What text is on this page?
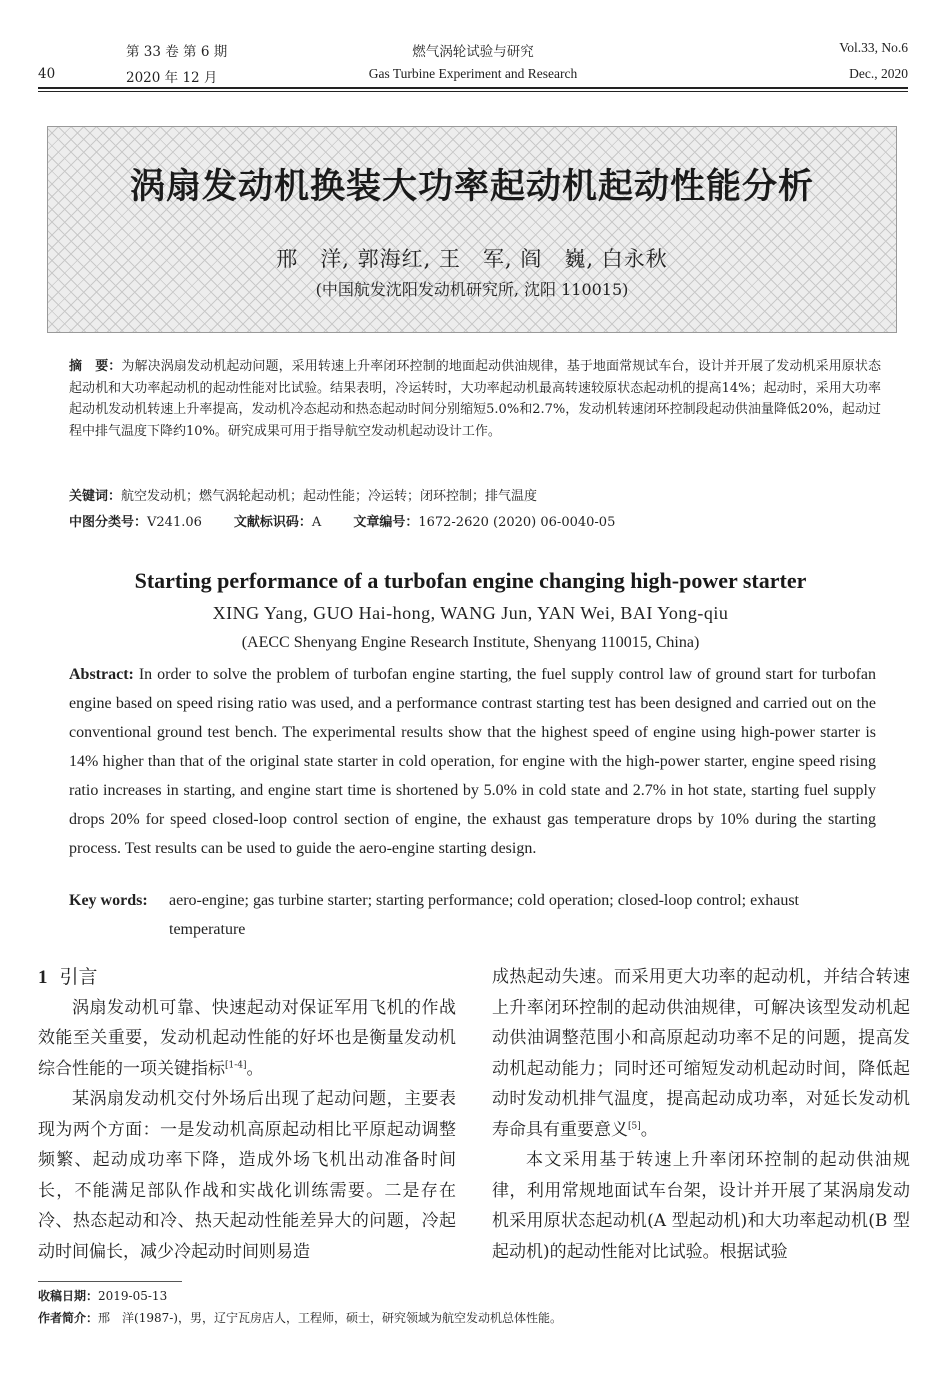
40
第 33 卷 第 6 期
2020 年 12 月
燃气涡轮试验与研究
Gas Turbine Experiment and Research
Vol.33, No.6
Dec., 2020
涡扇发动机换装大功率起动机起动性能分析
邢　洋, 郭海红, 王　军, 阎　巍, 白永秋
(中国航发沈阳发动机研究所, 沈阳 110015)
摘　要：为解决涡扇发动机起动问题，采用转速上升率闭环控制的地面起动供油规律，基于地面常规试车台，设计并开展了发动机采用原状态起动机和大功率起动机的起动性能对比试验。结果表明，冷运转时，大功率起动机最高转速较原状态起动机的提高14%；起动时，采用大功率起动机发动机转速上升率提高，发动机冷态起动和热态起动时间分别缩短5.0%和2.7%，发动机转速闭环控制段起动供油量降低20%，起动过程中排气温度下降约10%。研究成果可用于指导航空发动机起动设计工作。
关键词：航空发动机；燃气涡轮起动机；起动性能；冷运转；闭环控制；排气温度
中图分类号：V241.06 文献标识码：A 文章编号：1672-2620 (2020) 06-0040-05
Starting performance of a turbofan engine changing high-power starter
XING Yang, GUO Hai-hong, WANG Jun, YAN Wei, BAI Yong-qiu
(AECC Shenyang Engine Research Institute, Shenyang 110015, China)
Abstract: In order to solve the problem of turbofan engine starting, the fuel supply control law of ground start for turbofan engine based on speed rising ratio was used, and a performance contrast starting test has been designed and carried out on the conventional ground test bench. The experimental results show that the highest speed of engine using high-power starter is 14% higher than that of the original state starter in cold operation, for engine with the high-power starter, engine speed rising ratio increases in starting, and engine start time is shortened by 5.0% in cold state and 2.7% in hot state, starting fuel supply drops 20% for speed closed-loop control section of engine, the exhaust gas temperature drops by 10% during the starting process. Test results can be used to guide the aero-engine starting design.
Key words:	aero-engine; gas turbine starter; starting performance; cold operation; closed-loop control; exhaust temperature
1 引言

涡扇发动机可靠、快速起动对保证军用飞机的作战效能至关重要，发动机起动性能的好坏也是衡量发动机综合性能的一项关键指标[1-4]。

某涡扇发动机交付外场后出现了起动问题，主要表现为两个方面：一是发动机高原起动相比平原起动调整频繁、起动成功率下降，造成外场飞机出动准备时间长，不能满足部队作战和实战化训练需要。二是存在冷、热态起动和冷、热天起动性能差异大的问题，冷起动时间偏长，减少冷起动时间则易造

成热起动失速。而采用更大功率的起动机，并结合转速上升率闭环控制的起动供油规律，可解决该型发动机起动供油调整范围小和高原起动功率不足的问题，提高发动机起动能力；同时还可缩短发动机起动时间，降低起动时发动机排气温度，提高起动成功率，对延长发动机寿命具有重要意义[5]。

本文采用基于转速上升率闭环控制的起动供油规律，利用常规地面试车台架，设计并开展了某涡扇发动机采用原状态起动机(A 型起动机)和大功率起动机(B 型起动机)的起动性能对比试验。根据试验

收稿日期：2019-05-13
作者简介：邢　洋(1987-)，男，辽宁瓦房店人，工程师，硕士，研究领域为航空发动机总体性能。
